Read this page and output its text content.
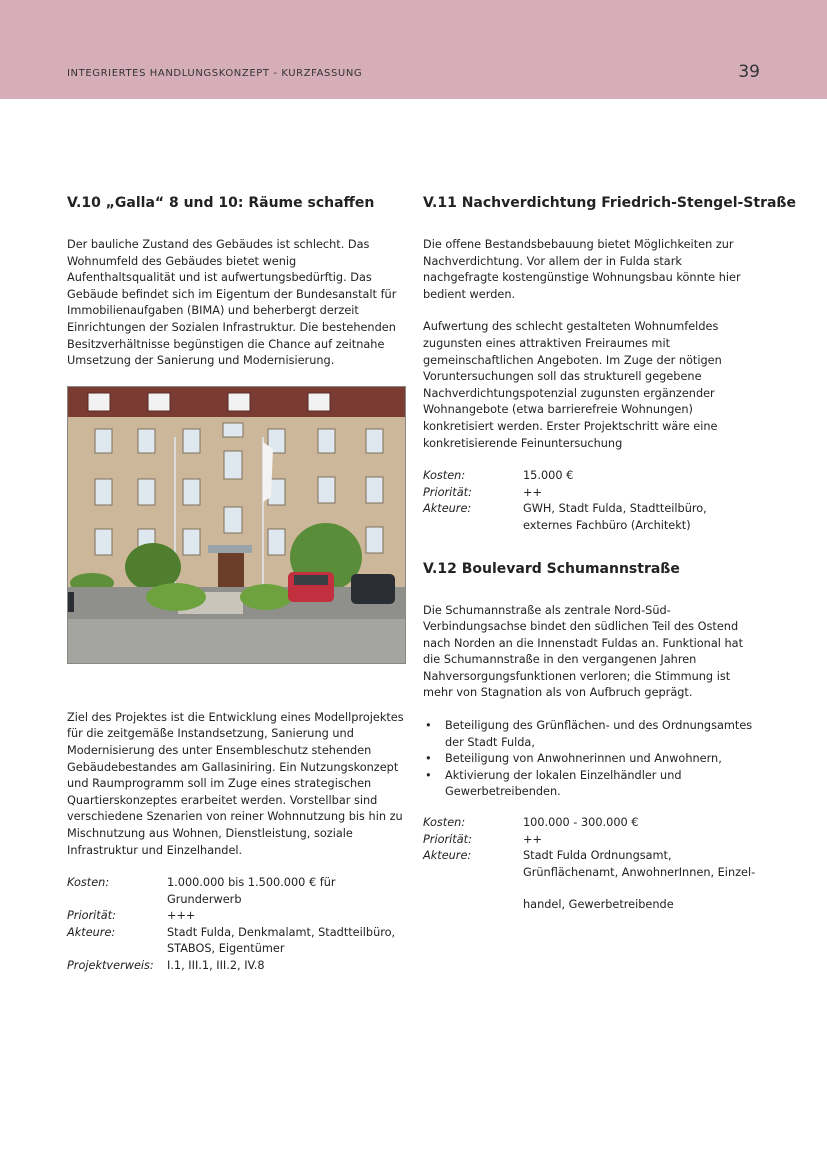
INTEGRIERTES HANDLUNGSKONZEPT - KURZFASSUNG	39
V.10 „Galla“ 8 und 10: Räume schaffen

Der bauliche Zustand des Gebäudes ist schlecht. Das Wohnumfeld des Gebäudes bietet wenig Aufenthaltsqualität und ist aufwertungsbedürftig. Das Gebäude befindet sich im Eigentum der Bundesanstalt für Immobilienaufgaben (BIMA) und beherbergt derzeit Einrichtungen der Sozialen Infrastruktur. Die bestehenden Besitzverhältnisse begünstigen die Chance auf zeitnahe Umsetzung der Sanierung und Modernisierung.

Ziel des Projektes ist die Entwicklung eines Modellprojektes für die zeitgemäße Instandsetzung, Sanierung und Modernisierung des unter Ensembleschutz stehenden Gebäudebestandes am Gallasiniring. Ein Nutzungskonzept und Raumprogramm soll im Zuge eines strategischen Quartierskonzeptes erarbeitet werden. Vorstellbar sind verschiedene Szenarien von reiner Wohnnutzung bis hin zu Mischnutzung aus Wohnen, Dienstleistung, soziale Infrastruktur und Einzelhandel.

Kosten:	1.000.000 bis 1.500.000 € für Grunderwerb
Priorität:	+++
Akteure:	Stadt Fulda, Denkmalamt, Stadtteilbüro, STABOS, Eigentümer
Projektverweis:	I.1, III.1, III.2, IV.8
V.11 Nachverdichtung Friedrich-Stengel-Straße

Die offene Bestandsbebauung bietet Möglichkeiten zur Nachverdichtung. Vor allem der in Fulda stark nachgefragte kostengünstige Wohnungsbau könnte hier bedient werden.

Aufwertung des schlecht gestalteten Wohnumfeldes zugunsten eines attraktiven Freiraumes mit gemeinschaftlichen Angeboten. Im Zuge der nötigen Voruntersuchungen soll das strukturell gegebene Nachverdichtungspotenzial zugunsten ergänzender Wohnangebote (etwa barrierefreie Wohnungen) konkretisiert werden. Erster Projektschritt wäre eine konkretisierende Feinuntersuchung

Kosten:	15.000 €
Priorität:	++
Akteure:	GWH, Stadt Fulda, Stadtteilbüro, externes Fachbüro (Architekt)
V.12 Boulevard Schumannstraße

Die Schumannstraße als zentrale Nord-Süd-Verbindungsachse bindet den südlichen Teil des Ostend nach Norden an die Innenstadt Fuldas an. Funktional hat die Schumannstraße in den vergangenen Jahren Nahversorgungsfunktionen verloren; die Stimmung ist mehr von Stagnation als von Aufbruch geprägt.

• Beteiligung des Grünflächen- und des Ordnungsamtes der Stadt Fulda,
• Beteiligung von Anwohnerinnen und Anwohnern,
• Aktivierung der lokalen Einzelhändler und Gewerbetreibenden.
Kosten:	100.000 - 300.000 €
Priorität:	++
Akteure:	Stadt Fulda Ordnungsamt, Grünflächenamt, AnwohnerInnen, Einzel-
handel, Gewerbetreibende
